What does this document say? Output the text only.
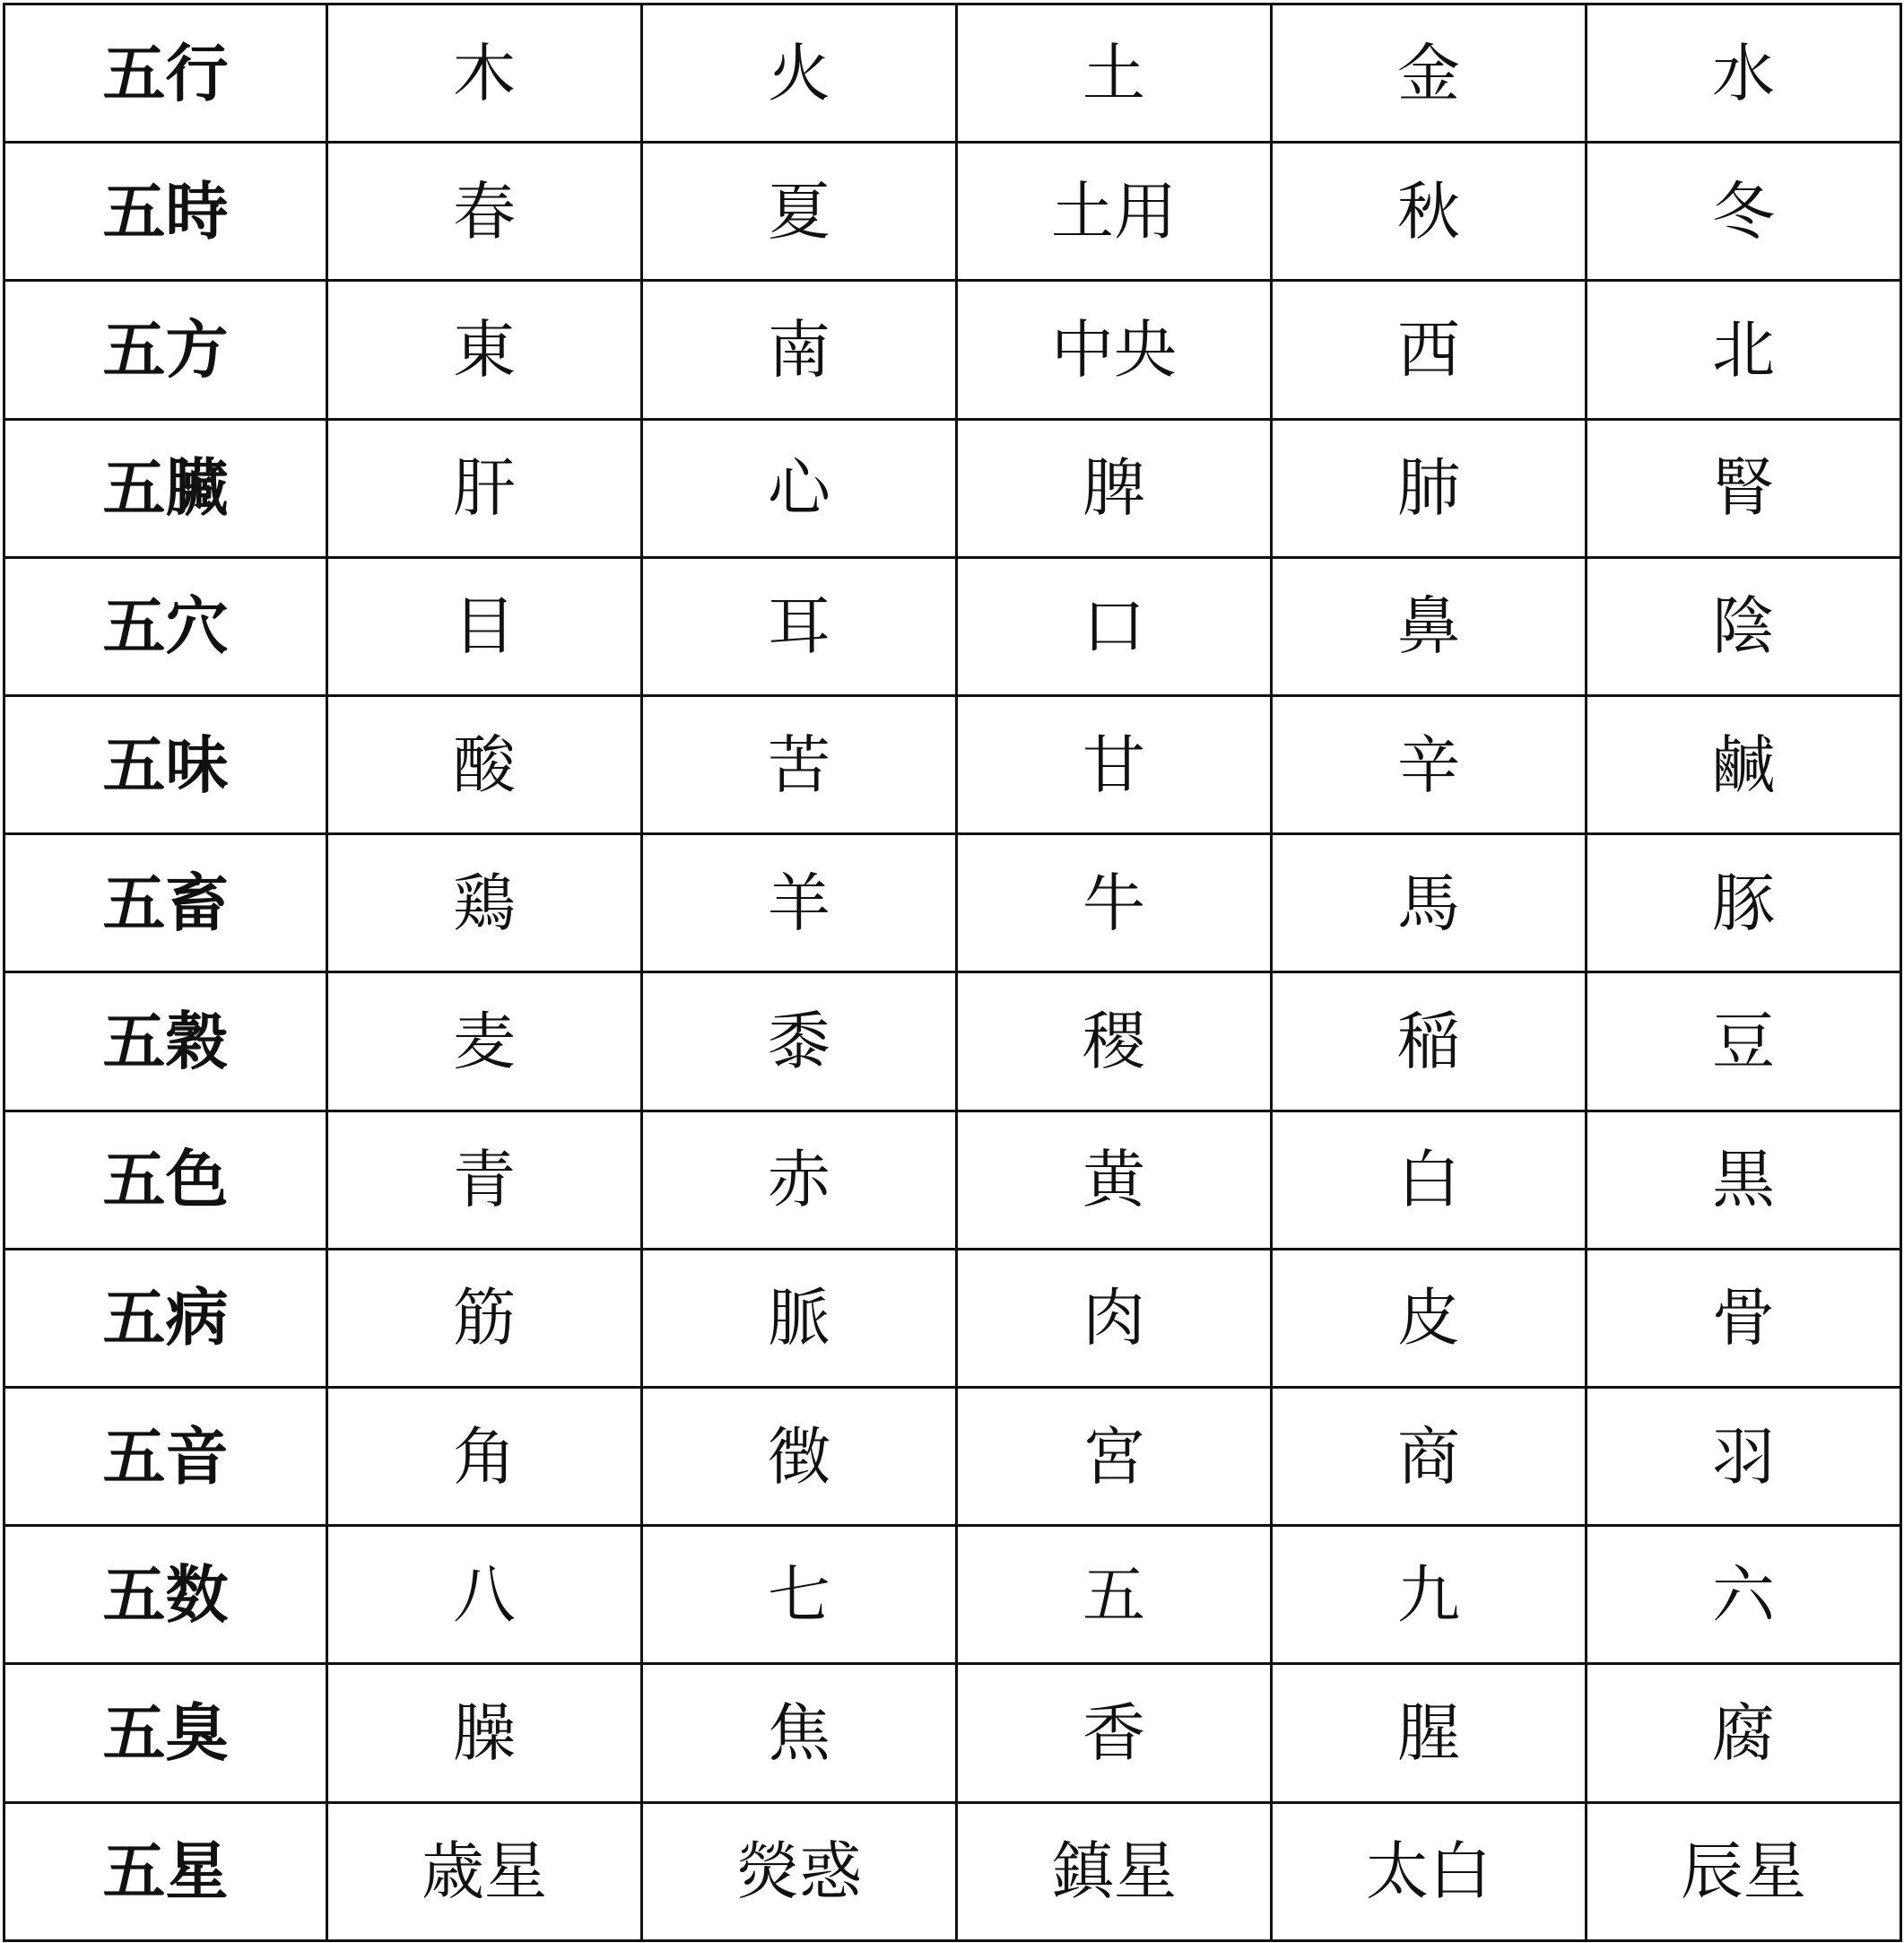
五行	木	火	土	金	水
五時	春	夏	土用	秋	冬
五方	東	南	中央	西	北
五臟	肝	心	脾	肺	腎
五穴	目	耳	口	鼻	陰
五味	酸	苦	甘	辛	鹹
五畜	鶏	羊	牛	馬	豚
五穀	麦	黍	稷	稲	豆
五色	青	赤	黄	白	黒
五病	筋	脈	肉	皮	骨
五音	角	徴	宮	商	羽
五数	八	七	五	九	六
五臭	臊	焦	香	腥	腐
五星	歳星	熒惑	鎮星	太白	辰星
